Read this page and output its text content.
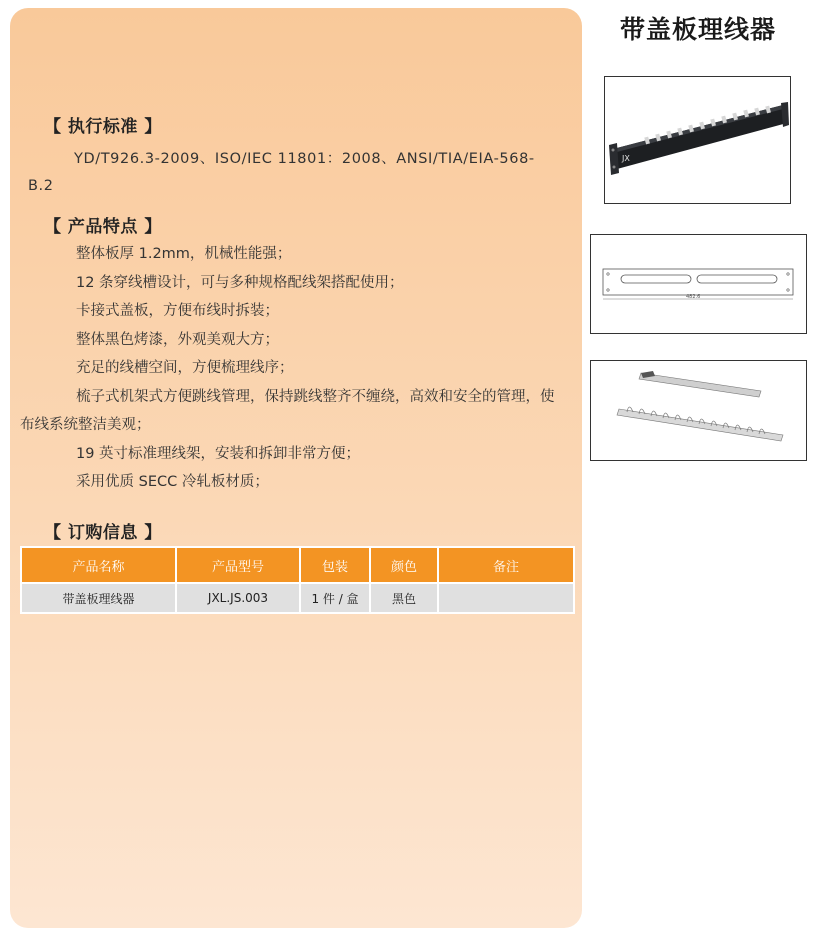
【 执行标准 】
YD/T926.3-2009、ISO/IEC 11801：2008、ANSI/TIA/EIA-568-B.2
【 产品特点 】
整体板厚 1.2mm，机械性能强；
12 条穿线槽设计，可与多种规格配线架搭配使用；
卡接式盖板，方便布线时拆装；
整体黑色烤漆，外观美观大方；
充足的线槽空间，方便梳理线序；
梳子式机架式方便跳线管理，保持跳线整齐不缠绕，高效和安全的管理，使布线系统整洁美观；
19 英寸标准理线架，安装和拆卸非常方便；
采用优质 SECC 冷轧板材质；
【 订购信息 】
产品名称	产品型号	包装	颜色	备注
带盖板理线器	JXL.JS.003	1 件 / 盒	黑色	
带盖板理线器
JX
482.6
